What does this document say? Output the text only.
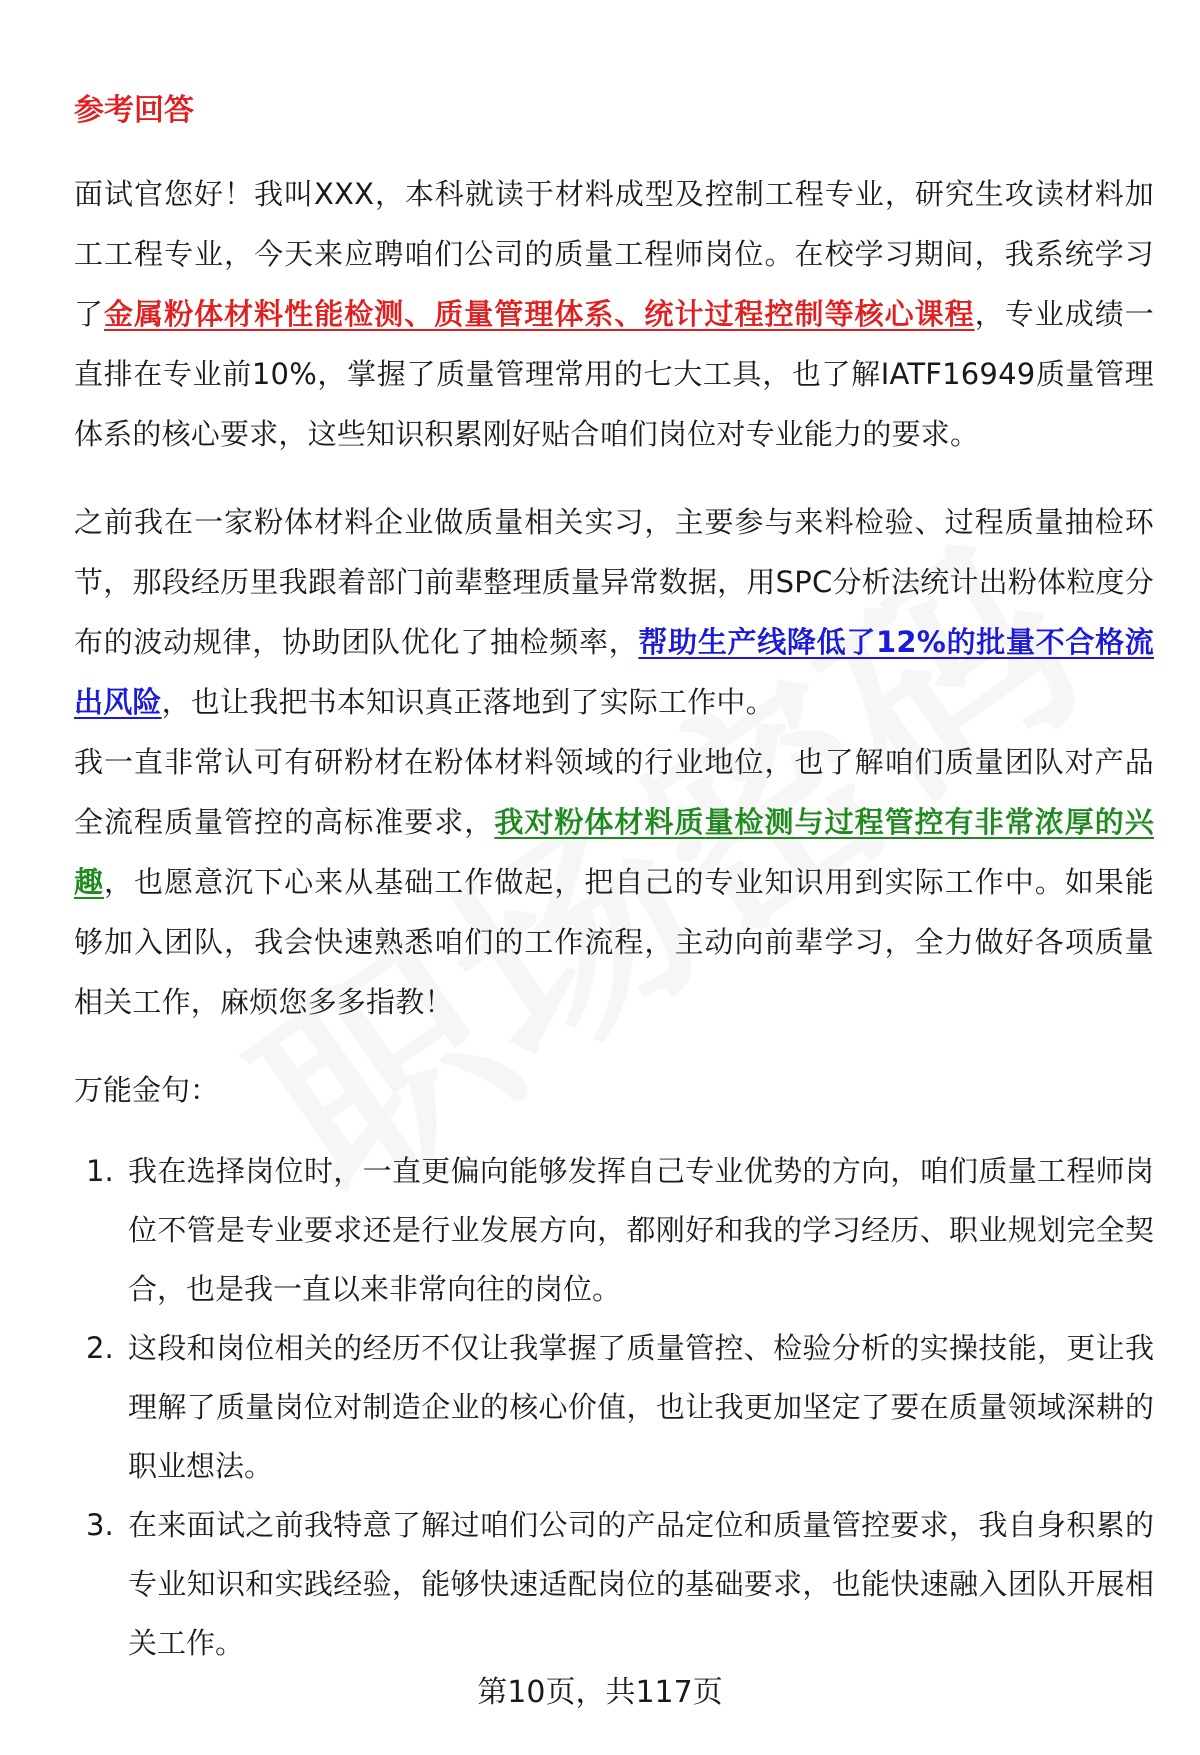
参考回答

面试官您好！我叫XXX，本科就读于材料成型及控制工程专业，研究生攻读材料加工工程专业，今天来应聘咱们公司的质量工程师岗位。在校学习期间，我系统学习了金属粉体材料性能检测、质量管理体系、统计过程控制等核心课程，专业成绩一直排在专业前10%，掌握了质量管理常用的七大工具，也了解IATF16949质量管理体系的核心要求，这些知识积累刚好贴合咱们岗位对专业能力的要求。

之前我在一家粉体材料企业做质量相关实习，主要参与来料检验、过程质量抽检环节，那段经历里我跟着部门前辈整理质量异常数据，用SPC分析法统计出粉体粒度分布的波动规律，协助团队优化了抽检频率，帮助生产线降低了12%的批量不合格流出风险，也让我把书本知识真正落地到了实际工作中。

我一直非常认可有研粉材在粉体材料领域的行业地位，也了解咱们质量团队对产品全流程质量管控的高标准要求，我对粉体材料质量检测与过程管控有非常浓厚的兴趣，也愿意沉下心来从基础工作做起，把自己的专业知识用到实际工作中。如果能够加入团队，我会快速熟悉咱们的工作流程，主动向前辈学习，全力做好各项质量相关工作，麻烦您多多指教！

万能金句：
1. 我在选择岗位时，一直更偏向能够发挥自己专业优势的方向，咱们质量工程师岗位不管是专业要求还是行业发展方向，都刚好和我的学习经历、职业规划完全契合，也是我一直以来非常向往的岗位。
2. 这段和岗位相关的经历不仅让我掌握了质量管控、检验分析的实操技能，更让我理解了质量岗位对制造企业的核心价值，也让我更加坚定了要在质量领域深耕的职业想法。
3. 在来面试之前我特意了解过咱们公司的产品定位和质量管控要求，我自身积累的专业知识和实践经验，能够快速适配岗位的基础要求，也能快速融入团队开展相关工作。
第10页，共117页
